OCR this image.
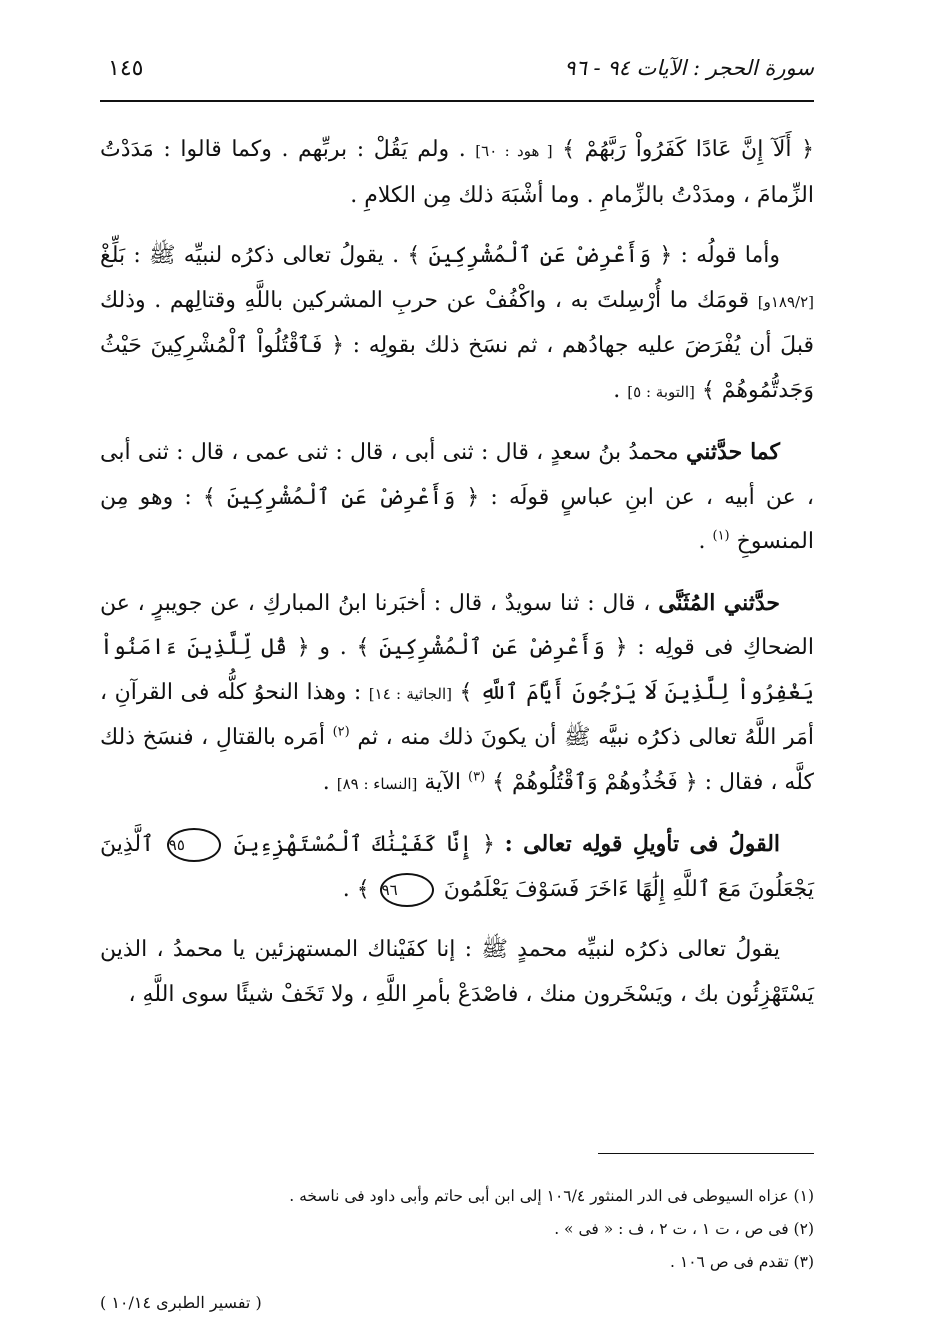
سورة الحجر : الآيات ٩٤ - ٩٦
١٤٥

﴿ أَلَآ إِنَّ عَادًا كَفَرُواْ رَبَّهُمْ ﴾ [ هود : ٦٠] . ولم يَقُلْ : بربِّهم . وكما قالوا : مَدَدْتُ الزِّمامَ ، ومدَدْتُ بالزِّمامِ . وما أشْبَهَ ذلك مِن الكلامِ .

وأما قولُه : ﴿ وَأَعْرِضْ عَنِ ٱلْمُشْرِكِينَ ﴾ . يقولُ تعالى ذكرُه لنبيِّه ﷺ : بَلِّغْ [١٨٩/٢و] قومَك ما أُرْسِلتَ به ، واكْفُفْ عن حربِ المشركين باللَّهِ وقتالِهم . وذلك قبلَ أن يُفْرَضَ عليه جهادُهم ، ثم نسَخ ذلك بقولِه : ﴿ فَٱقْتُلُواْ ٱلْمُشْرِكِينَ حَيْثُ وَجَدتُّمُوهُمْ ﴾ [التوبة : ٥] .

كما حدَّثني محمدُ بنُ سعدٍ ، قال : ثنى أبى ، قال : ثنى عمى ، قال : ثنى أبى ، عن أبيه ، عن ابنِ عباسٍ قولَه : ﴿ وَأَعْرِضْ عَنِ ٱلْمُشْرِكِينَ ﴾ : وهو مِن المنسوخِ $^{(١)}$ .

حدَّثني المُثَنَّى ، قال : ثنا سويدٌ ، قال : أخبَرنا ابنُ المباركِ ، عن جويبرٍ ، عن الضحاكِ فى قولِه : ﴿ وَأَعْرِضْ عَنِ ٱلْمُشْرِكِينَ ﴾ . و ﴿ قُل لِّلَّذِينَ ءَامَنُواْ يَغْفِرُواْ لِلَّذِينَ لَا يَرْجُونَ أَيَّامَ ٱللَّهِ ﴾ [الجاثية : ١٤] : وهذا النحوُ كلُّه فى القرآنِ ، أمَر اللَّهُ تعالى ذكرُه نبيَّه ﷺ أن يكونَ ذلك منه ، ثم $^{(٢)}$ أمَره بالقتالِ ، فنسَخ ذلك كلَّه ، فقال : ﴿ فَخُذُوهُمْ وَٱقْتُلُوهُمْ ﴾ $^{(٣)}$ الآية [النساء : ٨٩] .

القولُ فى تأويلِ قولِه تعالى : ﴿ إِنَّا كَفَيْنَٰكَ ٱلْمُسْتَهْزِءِينَ ٩٥ ٱلَّذِينَ يَجْعَلُونَ مَعَ ٱللَّهِ إِلَٰهًا ءَاخَرَ فَسَوْفَ يَعْلَمُونَ ٩٦ ﴾ .

يقولُ تعالى ذكرُه لنبيِّه محمدٍ ﷺ : إنا كفَيْناك المستهزئين يا محمدُ ، الذين يَسْتَهْزِئُون بك ، ويَسْخَرون منك ، فاصْدَعْ بأمرِ اللَّهِ ، ولا تَخَفْ شيئًا سوى اللَّهِ ،

(١) عزاه السيوطى فى الدر المنثور ١٠٦/٤ إلى ابن أبى حاتم وأبى داود فى ناسخه .

(٢) فى ص ، ت ١ ، ت ٢ ، ف : « فى » .

(٣) تقدم فى ص ١٠٦ .

( تفسير الطبرى ١٠/١٤ )
